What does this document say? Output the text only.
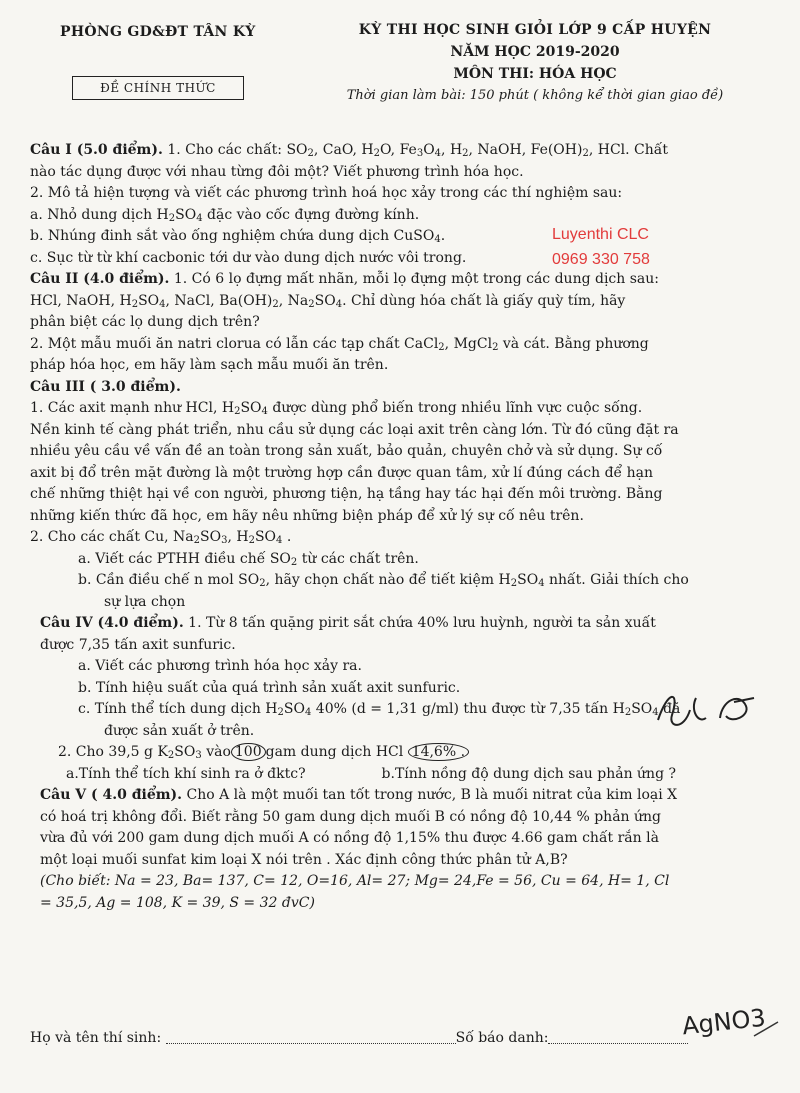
PHÒNG GD&ĐT TÂN KỲ
ĐỀ CHÍNH THỨC
KỲ THI HỌC SINH GIỎI LỚP 9 CẤP HUYỆN
NĂM HỌC 2019-2020
MÔN THI: HÓA HỌC
Thời gian làm bài: 150 phút ( không kể thời gian giao đề)
Luyenthi CLC
0969 330 758

Câu I (5.0 điểm). 1. Cho các chất: $SO_2$, CaO, $H_2O$, $Fe_3O_4$, $H_2$, NaOH, $Fe(OH)_2$, HCl. Chất

nào tác dụng được với nhau từng đôi một? Viết phương trình hóa học.

2. Mô tả hiện tượng và viết các phương trình hoá học xảy trong các thí nghiệm sau:

a. Nhỏ dung dịch $H_2SO_4$ đặc vào cốc đựng đường kính.

b. Nhúng đinh sắt vào ống nghiệm chứa dung dịch CuSO$_4$.

c. Sục từ từ khí cacbonic tới dư vào dung dịch nước vôi trong.

Câu II (4.0 điểm). 1. Có 6 lọ đựng mất nhãn, mỗi lọ đựng một trong các dung dịch sau:

HCl, NaOH, $H_2SO_4$, NaCl, $Ba(OH)_2$, $Na_2SO_4$. Chỉ dùng hóa chất là giấy quỳ tím, hãy

phân biệt các lọ dung dịch trên?

2. Một mẫu muối ăn natri clorua có lẫn các tạp chất CaCl$_2$, MgCl$_2$ và cát. Bằng phương

pháp hóa học, em hãy làm sạch mẫu muối ăn trên.

Câu III ( 3.0 điểm).

1. Các axit mạnh như HCl, $H_2SO_4$ được dùng phổ biến trong nhiều lĩnh vực cuộc sống.

Nền kinh tế càng phát triển, nhu cầu sử dụng các loại axit trên càng lớn. Từ đó cũng đặt ra

nhiều yêu cầu về vấn đề an toàn trong sản xuất, bảo quản, chuyên chở và sử dụng. Sự cố

axit bị đổ trên mặt đường là một trường hợp cần được quan tâm, xử lí đúng cách để hạn

chế những thiệt hại về con người, phương tiện, hạ tầng hay tác hại đến môi trường. Bằng

những kiến thức đã học, em hãy nêu những biện pháp để xử lý sự cố nêu trên.

2. Cho các chất Cu, $Na_2SO_3$, $H_2SO_4$ .

a. Viết các PTHH điều chế $SO_2$ từ các chất trên.

b. Cần điều chế n mol $SO_2$, hãy chọn chất nào để tiết kiệm $H_2SO_4$ nhất. Giải thích cho

sự lựa chọn

Câu IV (4.0 điểm). 1. Từ 8 tấn quặng pirit sắt chứa 40% lưu huỳnh, người ta sản xuất

được 7,35 tấn axit sunfuric.

a. Viết các phương trình hóa học xảy ra.

b. Tính hiệu suất của quá trình sản xuất axit sunfuric.

c. Tính thể tích dung dịch $H_2SO_4$ 40% (d = 1,31 g/ml) thu được từ 7,35 tấn $H_2SO_4$ đã

được sản xuất ở trên.

2. Cho 39,5 g $K_2SO_3$ vào 100 gam dung dịch HCl 14,6% .

a.Tính thể tích khí sinh ra ở đktc?	b.Tính nồng độ dung dịch sau phản ứng ?

Câu V ( 4.0 điểm). Cho A là một muối tan tốt trong nước, B là muối nitrat của kim loại X

có hoá trị không đổi. Biết rằng 50 gam dung dịch muối B có nồng độ 10,44 % phản ứng

vừa đủ với 200 gam dung dịch muối A có nồng độ 1,15% thu được 4.66 gam chất rắn là

một loại muối sunfat kim loại X nói trên . Xác định công thức phân tử A,B?

(Cho biết: Na = 23, Ba= 137, C= 12, O=16, Al= 27; Mg= 24,Fe = 56, Cu = 64, H= 1, Cl

= 35,5, Ag = 108, K = 39, S = 32 đvC)

AgNO3
Họ và tên thí sinh:	Số báo danh:
